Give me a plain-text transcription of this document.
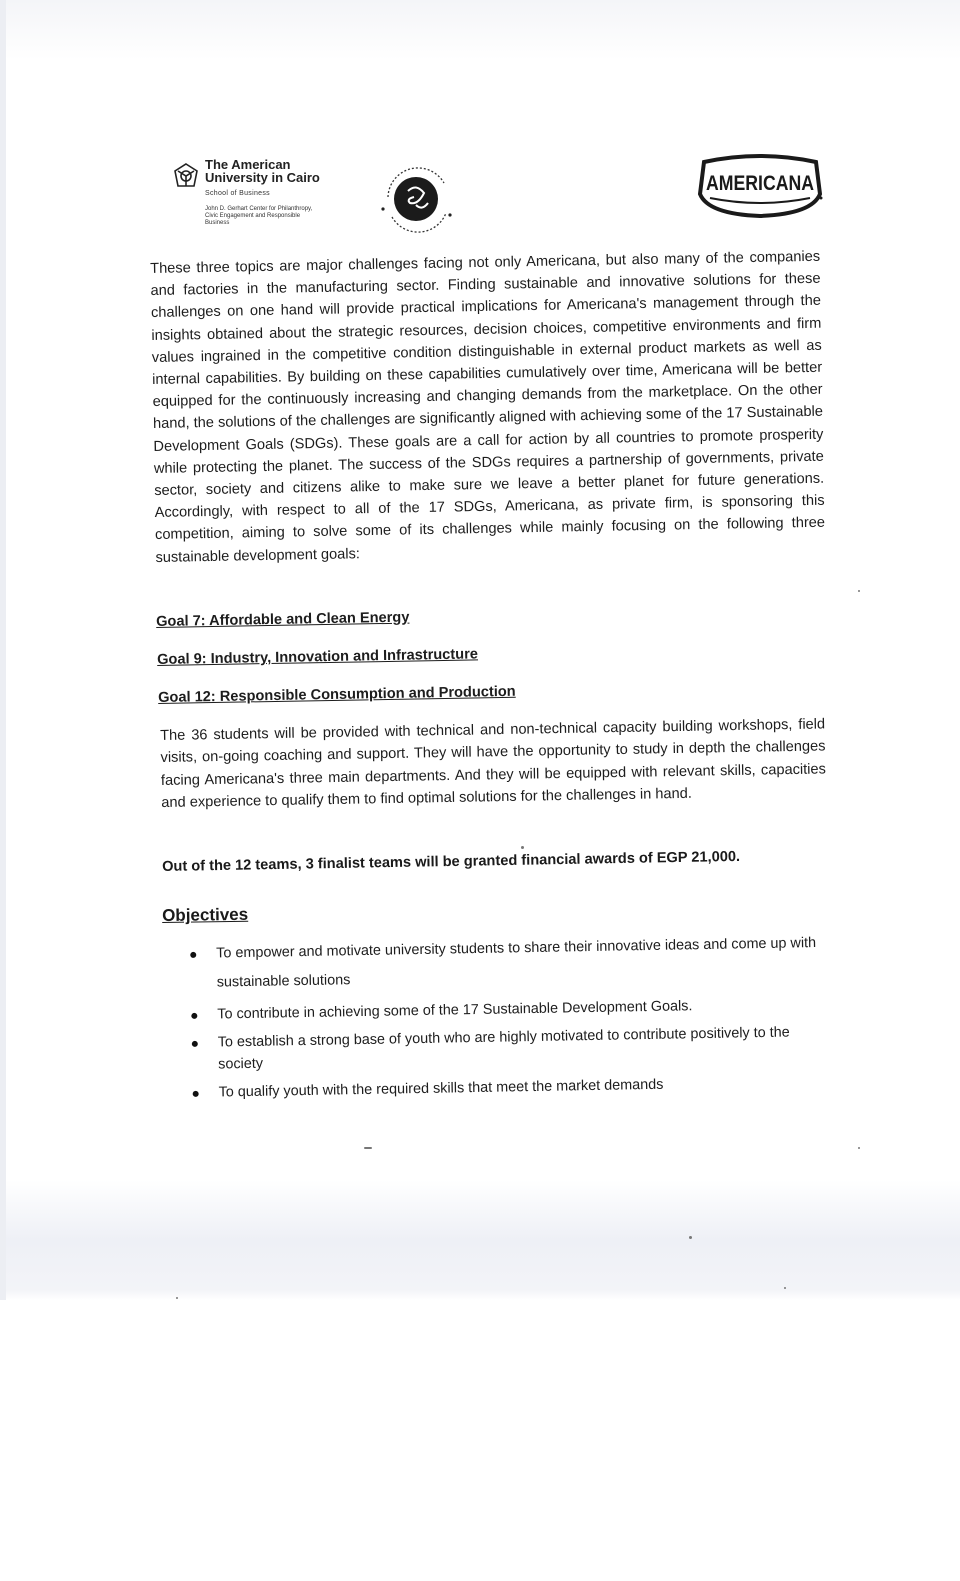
The American
University in Cairo
School of Business
John D. Gerhart Center for Philanthropy, Civic Engagement and Responsible Business
AMERICANA
These three topics are major challenges facing not only Americana, but also many of the companies and factories in the manufacturing sector. Finding sustainable and innovative solutions for these challenges on one hand will provide practical implications for Americana's management through the insights obtained about the strategic resources, decision choices, competitive environments and firm values ingrained in the competitive condition distinguishable in external product markets as well as internal capabilities. By building on these capabilities cumulatively over time, Americana will be better equipped for the continuously increasing and changing demands from the marketplace. On the other hand, the solutions of the challenges are significantly aligned with achieving some of the 17 Sustainable Development Goals (SDGs). These goals are a call for action by all countries to promote prosperity while protecting the planet. The success of the SDGs requires a partnership of governments, private sector, society and citizens alike to make sure we leave a better planet for future generations. Accordingly, with respect to all of the 17 SDGs, Americana, as private firm, is sponsoring this competition, aiming to solve some of its challenges while mainly focusing on the following three sustainable development goals:
Goal 7: Affordable and Clean Energy
Goal 9: Industry, Innovation and Infrastructure
Goal 12: Responsible Consumption and Production
The 36 students will be provided with technical and non-technical capacity building workshops, field visits, on-going coaching and support. They will have the opportunity to study in depth the challenges facing Americana's three main departments. And they will be equipped with relevant skills, capacities and experience to qualify them to find optimal solutions for the challenges in hand.
Out of the 12 teams, 3 finalist teams will be granted financial awards of EGP 21,000.
Objectives
To empower and motivate university students to share their innovative ideas and come up with sustainable solutions
To contribute in achieving some of the 17 Sustainable Development Goals.
To establish a strong base of youth who are highly motivated to contribute positively to the society
To qualify youth with the required skills that meet the market demands
